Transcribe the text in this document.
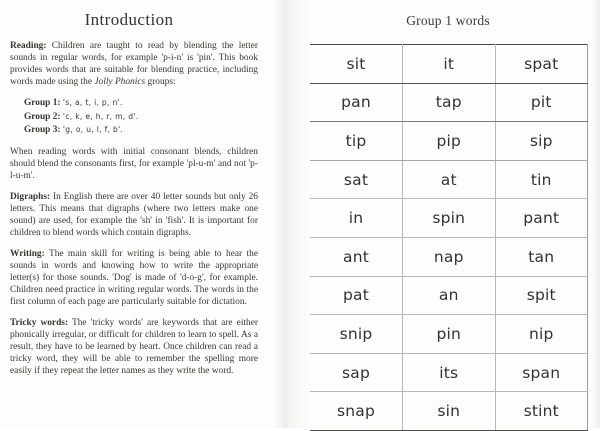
Introduction

Reading: Children are taught to read by blending the letter sounds in regular words, for example 'p-i-n' is 'pin'. This book provides words that are suitable for blending practice, including words made using the Jolly Phonics groups:

Group 1: 's, a, t, i, p, n'.
Group 2: 'c, k, e, h, r, m, d'.
Group 3: 'g, o, u, l, f, b'.

When reading words with initial consonant blends, children should blend the consonants first, for example 'pl-u-m' and not 'p-l-u-m'.

Digraphs: In English there are over 40 letter sounds but only 26 letters. This means that digraphs (where two letters make one sound) are used, for example the 'sh' in 'fish'. It is important for children to blend words which contain digraphs.

Writing: The main skill for writing is being able to hear the sounds in words and knowing how to write the appropriate letter(s) for those sounds. 'Dog' is made of 'd-o-g', for example. Children need practice in writing regular words. The words in the first column of each page are particularly suitable for dictation.

Tricky words: The 'tricky words' are keywords that are either phonically irregular, or difficult for children to learn to spell. As a result, they have to be learned by heart. Once children can read a tricky word, they will be able to remember the spelling more easily if they repeat the letter names as they write the word.

Group 1 words
sit	it	spat
pan	tap	pit
tip	pip	sip
sat	at	tin
in	spin	pant
ant	nap	tan
pat	an	spit
snip	pin	nip
sap	its	span
snap	sin	stint
